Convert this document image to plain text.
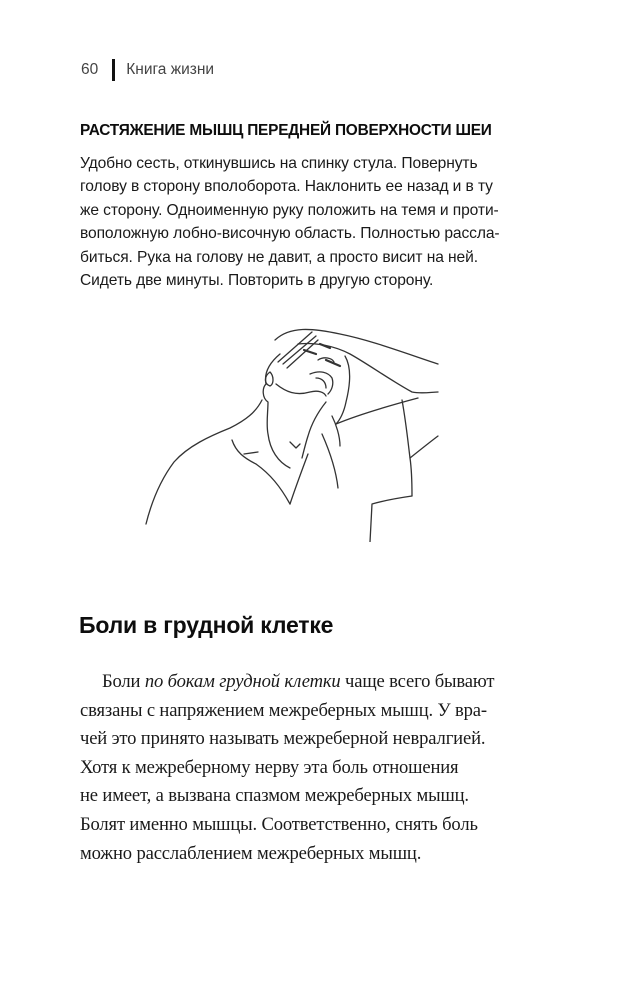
60 Книга жизни
РАСТЯЖЕНИЕ МЫШЦ ПЕРЕДНЕЙ ПОВЕРХНОСТИ ШЕИ
Удобно сесть, откинувшись на спинку стула. Повернуть
голову в сторону вполоборота. Наклонить ее назад и в ту
же сторону. Одноименную руку положить на темя и проти-
воположную лобно-височную область. Полностью рассла-
биться. Рука на голову не давит, а просто висит на ней.
Сидеть две минуты. Повторить в другую сторону.
Боли в грудной клетке
Боли по бокам грудной клетки чаще всего бывают
связаны с напряжением межреберных мышц. У вра-
чей это принято называть межреберной невралгией.
Хотя к межреберному нерву эта боль отношения
не имеет, а вызвана спазмом межреберных мышц.
Болят именно мышцы. Соответственно, снять боль
можно расслаблением межреберных мышц.
